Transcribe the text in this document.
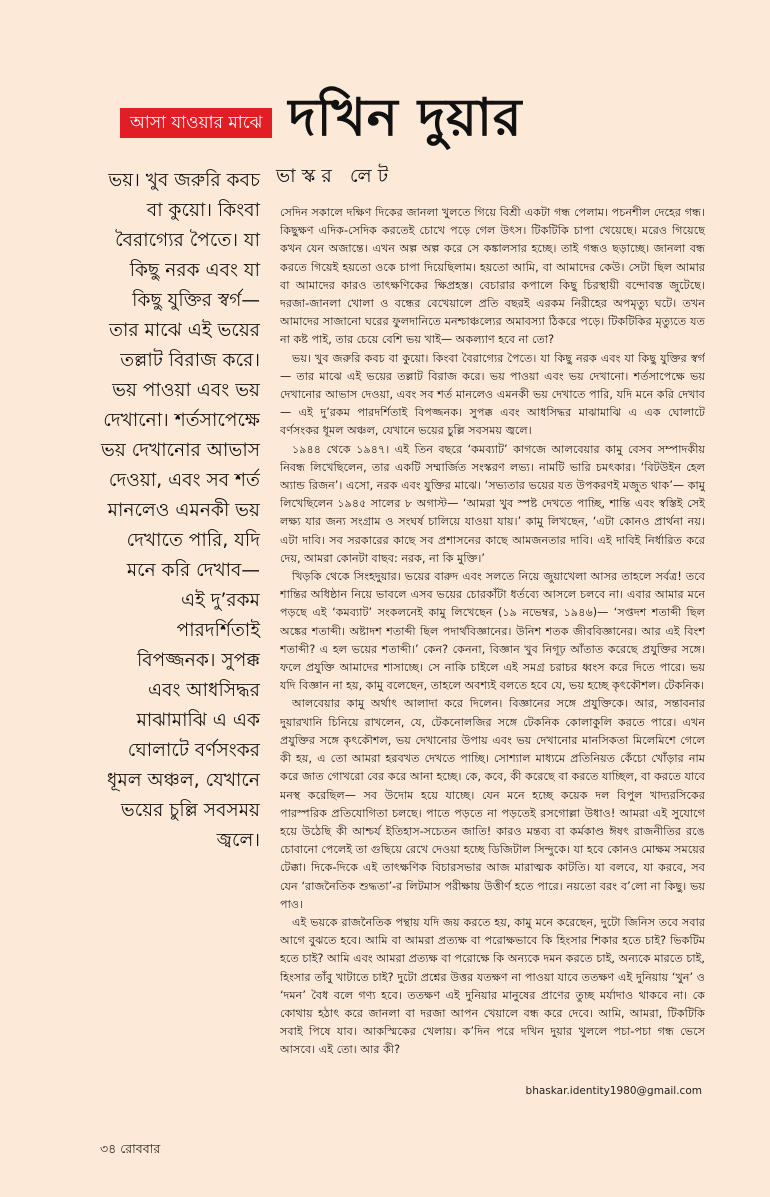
আসা যাওয়ার মাঝে দখিন দুয়ার
ভয়। খুব জরুরি কবচ বা কুয়ো। কিংবা বৈরাগ্যের পৈতে। যা কিছু নরক এবং যা কিছু যুক্তির স্বর্গ— তার মাঝে এই ভয়ের তল্লাট বিরাজ করে। ভয় পাওয়া এবং ভয় দেখানো। শর্তসাপেক্ষে ভয় দেখানোর আভাস দেওয়া, এবং সব শর্ত মানলেও এমনকী ভয় দেখাতে পারি, যদি মনে করি দেখাব— এই দু’রকম পারদর্শিতাই বিপজ্জনক। সুপক্ক এবং আধসিদ্ধর মাঝামাঝি এ এক ঘোলাটে বর্ণসংকর ধূমল অঞ্চল, যেখানে ভয়ের চুল্লি সবসময় জ্বলে।
ভাস্কর লেট

সেদিন সকালে দক্ষিণ দিকের জানলা খুলতে গিয়ে বিশ্রী একটা গন্ধ পেলাম। পচনশীল দেহের গন্ধ। কিছুক্ষণ এদিক-সেদিক করতেই চোখে পড়ে গেল উৎস। টিকটিকি চাপা খেয়েছে। মরেও গিয়েছে কখন যেন অজান্তে। এখন অল্প অল্প করে সে কঙ্কালসার হচ্ছে। তাই গন্ধও ছড়াচ্ছে। জানলা বন্ধ করতে গিয়েই হয়তো ওকে চাপা দিয়েছিলাম। হয়তো আমি, বা আমাদের কেউ। সেটা ছিল আমার বা আমাদের কারও তাৎক্ষণিকের ক্ষিপ্রহস্ত। বেচারার কপালে কিছু চিরস্থায়ী বন্দোবস্ত জুটেছে। দরজা-জানলা খোলা ও বন্ধের বেখেয়ালে প্রতি বছরই এরকম নিরীহের অপমৃত্যু ঘটে। তখন আমাদের সাজানো ঘরের ফুলদানিতে মনশ্চাঞ্চল্যের অমাবস্যা ঠিকরে পড়ে। টিকটিকির মৃত্যুতে যত না কষ্ট পাই, তার চেয়ে বেশি ভয় খাই— অকল্যাণ হবে না তো?

ভয়। খুব জরুরি কবচ বা কুয়ো। কিংবা বৈরাগ্যের পৈতে। যা কিছু নরক এবং যা কিছু যুক্তির স্বর্গ— তার মাঝে এই ভয়ের তল্লাট বিরাজ করে। ভয় পাওয়া এবং ভয় দেখানো। শর্তসাপেক্ষে ভয় দেখানোর আভাস দেওয়া, এবং সব শর্ত মানলেও এমনকী ভয় দেখাতে পারি, যদি মনে করি দেখাব— এই দু’রকম পারদর্শিতাই বিপজ্জনক। সুপক্ক এবং আধসিদ্ধর মাঝামাঝি এ এক ঘোলাটে বর্ণসংকর ধূমল অঞ্চল, যেখানে ভয়ের চুল্লি সবসময় জ্বলে।

১৯৪৪ থেকে ১৯৪৭। এই তিন বছরে ‘কমব্যাট’ কাগজে আলবেয়ার কামু বেসব সম্পাদকীয় নিবন্ধ লিখেছিলেন, তার একটি সম্মার্জিত সংস্করণ লভ্য। নামটি ভারি চমৎকার। ‘বিটউইন হেল অ্যান্ড রিজন’। এসো, নরক এবং যুক্তির মাঝে। ‘সভ্যতার ভয়ের যত উপকরণই মজুত থাক’— কামু লিখেছিলেন ১৯৪৫ সালের ৮ অগাস্ট— ‘আমরা খুব স্পষ্ট দেখতে পাচ্ছি, শান্তি এবং স্বস্তিই সেই লক্ষ্য যার জন্য সংগ্রাম ও সংঘর্ষ চালিয়ে যাওয়া যায়।’ কামু লিখছেন, ‘এটা কোনও প্রার্থনা নয়। এটা দাবি। সব সরকারের কাছে সব প্রশাসনের কাছে আমজনতার দাবি। এই দাবিই নির্ধারিত করে দেয়, আমরা কোনটা বাছব: নরক, না কি মুক্তি।’

খিড়কি থেকে সিংহদুয়ার। ভয়ের বারুদ এবং সলতে নিয়ে জুয়াখেলা আসর তাহলে সর্বত্র! তবে শান্তির অধিষ্ঠান নিয়ে ভাবলে এসব ভয়ের চোরকাঁটা ধর্তব্যে আসলে চলবে না। এবার আমার মনে পড়ছে এই ‘কমব্যাট’ সংকলনেই কামু লিখেছেন (১৯ নভেম্বর, ১৯৪৬)— ‘সপ্তদশ শতাব্দী ছিল অঙ্কের শতাব্দী। অষ্টাদশ শতাব্দী ছিল পদার্থবিজ্ঞানের। উনিশ শতক জীববিজ্ঞানের। আর এই বিংশ শতাব্দী? এ হল ভয়ের শতাব্দী।’ কেন? কেননা, বিজ্ঞান খুব নিগূঢ় আঁতাত করেছে প্রযুক্তির সঙ্গে। ফলে প্রযুক্তি আমাদের শাসাচ্ছে। সে নাকি চাইলে এই সমগ্র চরাচর ধ্বংস করে দিতে পারে। ভয় যদি বিজ্ঞান না হয়, কামু বলেছেন, তাহলে অবশ্যই বলতে হবে যে, ভয় হচ্ছে কৃৎকৌশল। টেকনিক।

আলবেয়ার কামু অর্থাৎ আলাদা করে দিলেন। বিজ্ঞানের সঙ্গে প্রযুক্তিকে। আর, সন্তাবনার দুয়ারখানি চিনিয়ে রাখলেন, যে, টেকনোলজির সঙ্গে টেকনিক কোলাকুলি করতে পারে। এখন প্রযুক্তির সঙ্গে কৃৎকৌশল, ভয় দেখানোর উপায় এবং ভয় দেখানোর মানসিকতা মিলেমিশে গেলে কী হয়, এ তো আমরা হরবখত দেখতে পাচ্ছি। সোশ্যাল মাধ্যমে প্রতিনিয়ত কেঁচো খোঁড়ার নাম করে জাত গোখরো বের করে আনা হচ্ছে। কে, কবে, কী করেছে বা করতে যাচ্ছিল, বা করতে যাবে মনস্থ করেছিল— সব উদোম হয়ে যাচ্ছে। যেন মনে হচ্ছে কয়েক দল বিপুল খাদ্যরসিকের পারস্পরিক প্রতিযোগিতা চলছে। পাতে পড়তে না পড়তেই রসগোল্লা উধাও! আমরা এই সুযোগে হয়ে উঠেছি কী আশ্চর্য ইতিহাস-সচেতন জাতি! কারও মন্তব্য বা কর্মকাণ্ড ঈষৎ রাজনীতির রঙে চোবানো পেলেই তা গুছিয়ে রেখে দেওয়া হচ্ছে ডিজিটাল সিন্দুকে। যা হবে কোনও মোক্ষম সময়ের টেক্কা। দিকে-দিকে এই তাৎক্ষণিক বিচারসভার আজ মারাত্মক কাটতি। যা বলবে, যা করবে, সব যেন ‘রাজনৈতিক শুদ্ধতা’-র লিটমাস পরীক্ষায় উত্তীর্ণ হতে পারে। নয়তো বরং ব’লো না কিছু। ভয় পাও।

এই ভয়কে রাজনৈতিক পন্থায় যদি জয় করতে হয়, কামু মনে করেছেন, দুটো জিনিস তবে সবার আগে বুঝতে হবে। আমি বা আমরা প্রত্যক্ষ বা পরোক্ষভাবে কি হিংসার শিকার হতে চাই? ভিকটিম হতে চাই? আমি এবং আমরা প্রত্যক্ষ বা পরোক্ষে কি অন্যকে দমন করতে চাই, অন্যকে মারতে চাই, হিংসার তাঁবু খাটাতে চাই? দুটো প্রশ্নের উত্তর যতক্ষণ না পাওয়া যাবে ততক্ষণ এই দুনিয়ায় ‘খুন’ ও ‘দমন’ বৈধ বলে গণ্য হবে। ততক্ষণ এই দুনিয়ার মানুষের প্রাণের তুচ্ছ মর্যাদাও থাকবে না। কে কোথায় হঠাৎ করে জানলা বা দরজা আপন খেয়ালে বন্ধ করে দেবে। আমি, আমরা, টিকটিকি সবাই পিষে যাব। আকস্মিকের খেলায়। ক’দিন পরে দখিন দুয়ার খুললে পচা-পচা গন্ধ ভেসে আসবে। এই তো। আর কী?

bhaskar.identity1980@gmail.com
৩৪ রোববার
